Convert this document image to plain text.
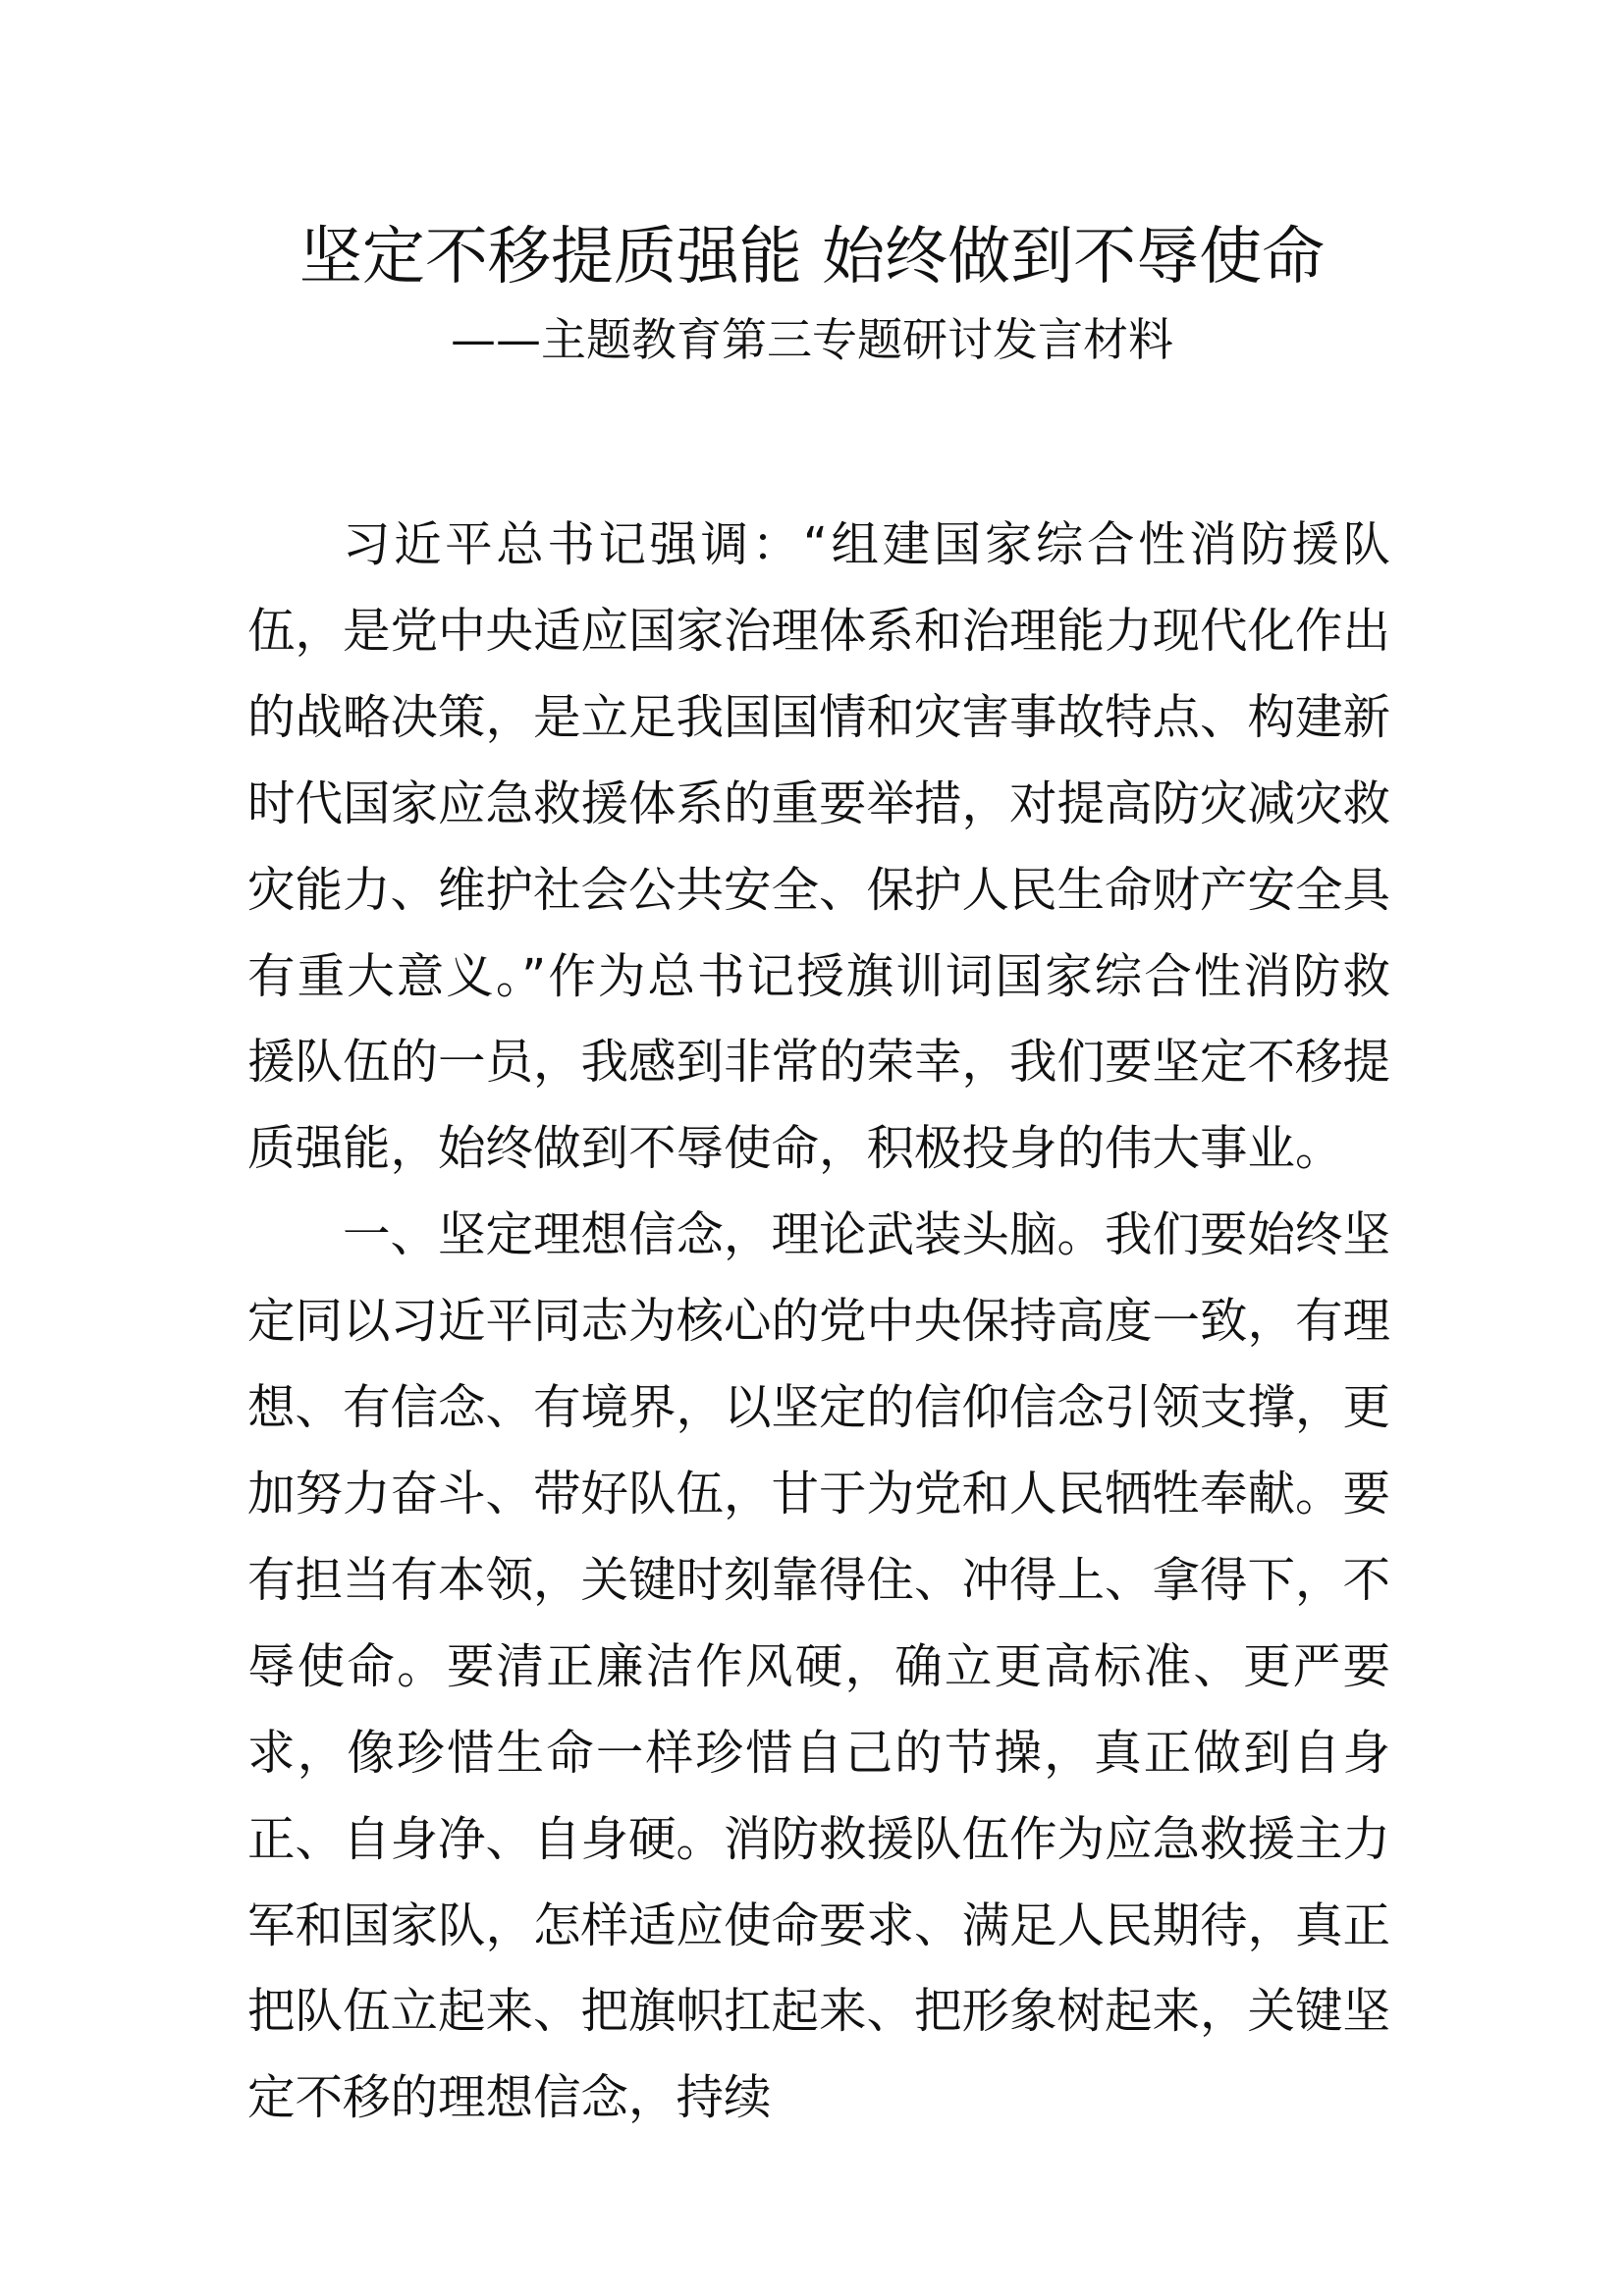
坚定不移提质强能 始终做到不辱使命
——主题教育第三专题研讨发言材料

习近平总书记强调：“组建国家综合性消防援队伍，是党中央适应国家治理体系和治理能力现代化作出的战略决策，是立足我国国情和灾害事故特点、构建新时代国家应急救援体系的重要举措，对提高防灾减灾救灾能力、维护社会公共安全、保护人民生命财产安全具有重大意义。”作为总书记授旗训词国家综合性消防救援队伍的一员，我感到非常的荣幸，我们要坚定不移提质强能，始终做到不辱使命，积极投身的伟大事业。

一、坚定理想信念，理论武装头脑。我们要始终坚定同以习近平同志为核心的党中央保持高度一致，有理想、有信念、有境界，以坚定的信仰信念引领支撑，更加努力奋斗、带好队伍，甘于为党和人民牺牲奉献。要有担当有本领，关键时刻靠得住、冲得上、拿得下，不辱使命。要清正廉洁作风硬，确立更高标准、更严要求，像珍惜生命一样珍惜自己的节操，真正做到自身正、自身净、自身硬。消防救援队伍作为应急救援主力军和国家队，怎样适应使命要求、满足人民期待，真正把队伍立起来、把旗帜扛起来、把形象树起来，关键坚定不移的理想信念，持续
